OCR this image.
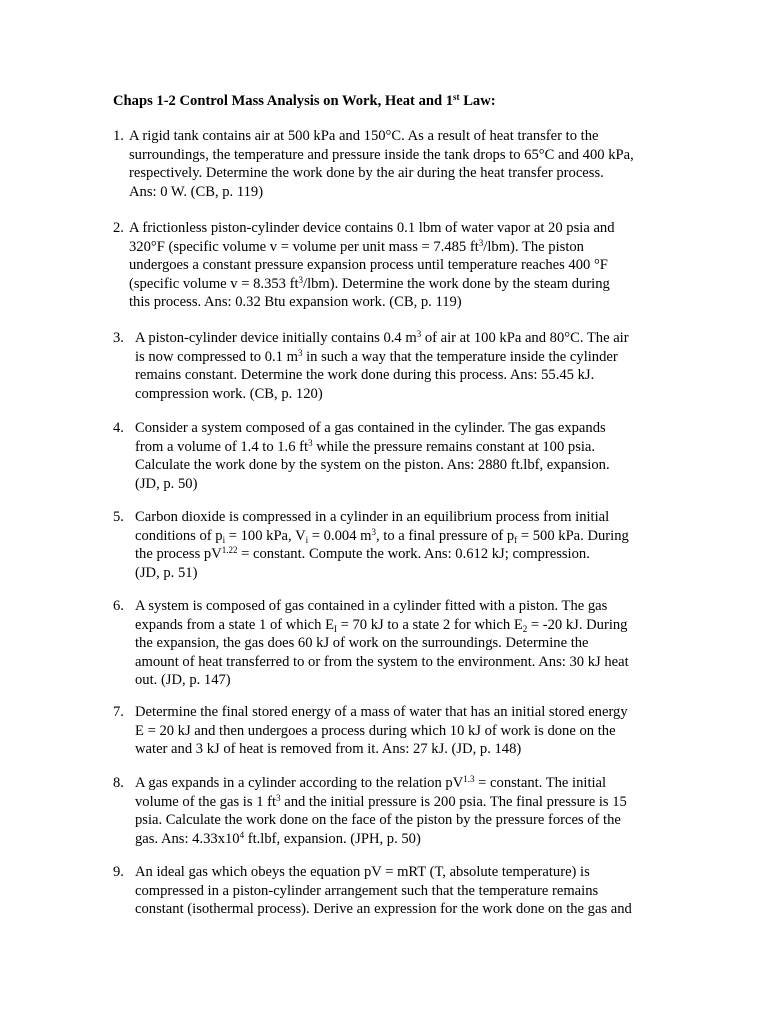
Chaps 1-2 Control Mass Analysis on Work, Heat and 1st Law:
1. A rigid tank contains air at 500 kPa and 150°C. As a result of heat transfer to the
surroundings, the temperature and pressure inside the tank drops to 65°C and 400 kPa,
respectively. Determine the work done by the air during the heat transfer process.
Ans: 0 W. (CB, p. 119)
2. A frictionless piston-cylinder device contains 0.1 lbm of water vapor at 20 psia and
320°F (specific volume v = volume per unit mass = 7.485 $ft^3/lbm$). The piston
undergoes a constant pressure expansion process until temperature reaches 400 °F
(specific volume v = 8.353 $ft^3/lbm$). Determine the work done by the steam during
this process. Ans: 0.32 Btu expansion work. (CB, p. 119)
3. A piston-cylinder device initially contains 0.4 $m^3$ of air at 100 kPa and 80°C. The air
is now compressed to 0.1 $m^3$ in such a way that the temperature inside the cylinder
remains constant. Determine the work done during this process. Ans: 55.45 kJ.
compression work. (CB, p. 120)
4. Consider a system composed of a gas contained in the cylinder. The gas expands
from a volume of 1.4 to 1.6 $ft^3$ while the pressure remains constant at 100 psia.
Calculate the work done by the system on the piston. Ans: 2880 ft.lbf, expansion.
(JD, p. 50)
5. Carbon dioxide is compressed in a cylinder in an equilibrium process from initial
conditions of $p_i = 100$ kPa, $V_i = 0.004$ $m^3$, to a final pressure of $p_f = 500$ kPa. During
the process $pV^{1.22}$ = constant. Compute the work. Ans: 0.612 kJ; compression.
(JD, p. 51)
6. A system is composed of gas contained in a cylinder fitted with a piston. The gas
expands from a state 1 of which $E_I = 70$ kJ to a state 2 for which $E_2 = -20$ kJ. During
the expansion, the gas does 60 kJ of work on the surroundings. Determine the
amount of heat transferred to or from the system to the environment. Ans: 30 kJ heat
out. (JD, p. 147)
7. Determine the final stored energy of a mass of water that has an initial stored energy
E = 20 kJ and then undergoes a process during which 10 kJ of work is done on the
water and 3 kJ of heat is removed from it. Ans: 27 kJ. (JD, p. 148)
8. A gas expands in a cylinder according to the relation $pV^{1.3}$ = constant. The initial
volume of the gas is 1 $ft^3$ and the initial pressure is 200 psia. The final pressure is 15
psia. Calculate the work done on the face of the piston by the pressure forces of the
gas. Ans: $4.33x10^4$ ft.lbf, expansion. (JPH, p. 50)
9. An ideal gas which obeys the equation pV = mRT (T, absolute temperature) is
compressed in a piston-cylinder arrangement such that the temperature remains
constant (isothermal process). Derive an expression for the work done on the gas and
